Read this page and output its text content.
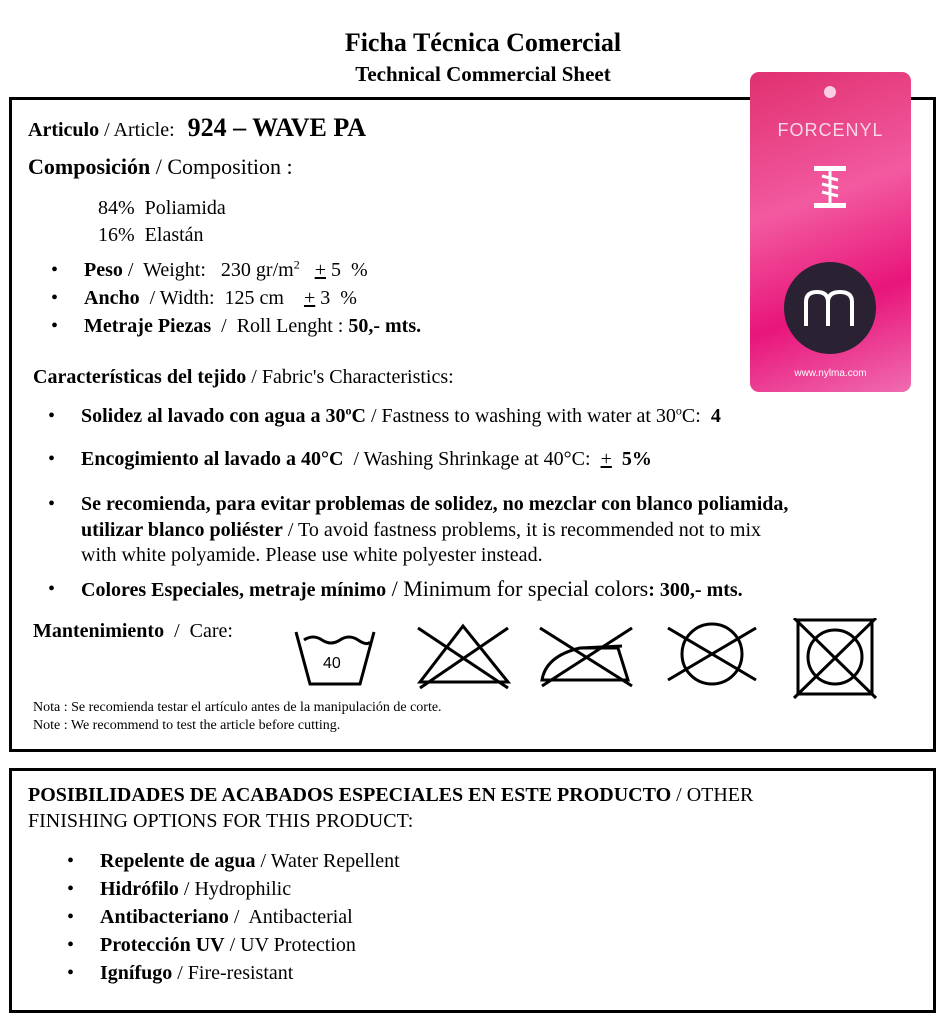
Ficha Técnica Comercial
Technical Commercial Sheet
Articulo / Article: 924 – WAVE PA
Composición / Composition :
84% Poliamida
16% Elastán
• Peso /  Weight:   230 $gr/m^2 + 5$  %
• Ancho  / Width:  125 cm    + 3  %
• Metraje Piezas  /  Roll Lenght : 50,- mts.
Características del tejido / Fabric's Characteristics:
• Solidez al lavado con agua a 30$^o$C / Fastness to washing with water at 30$^o$C:  4
• Encogimiento al lavado a 40°C  / Washing Shrinkage at 40°C:  +  5%
• Se recomienda, para evitar problemas de solidez, no mezclar con blanco poliamida,
utilizar blanco poliéster / To avoid fastness problems, it is recommended not to mix
with white polyamide. Please use white polyester instead.
• Colores Especiales, metraje mínimo / Minimum for special colors: 300,- mts.
Mantenimiento  /  Care:
40
Nota : Se recomienda testar el artículo antes de la manipulación de corte.
Note : We recommend to test the article before cutting.
FORCENYL
www.nylma.com
POSIBILIDADES DE ACABADOS ESPECIALES EN ESTE PRODUCTO / OTHER
FINISHING OPTIONS FOR THIS PRODUCT:
• Repelente de agua / Water Repellent
• Hidrófilo / Hydrophilic
• Antibacteriano /  Antibacterial
• Protección UV / UV Protection
• Ignífugo / Fire-resistant
